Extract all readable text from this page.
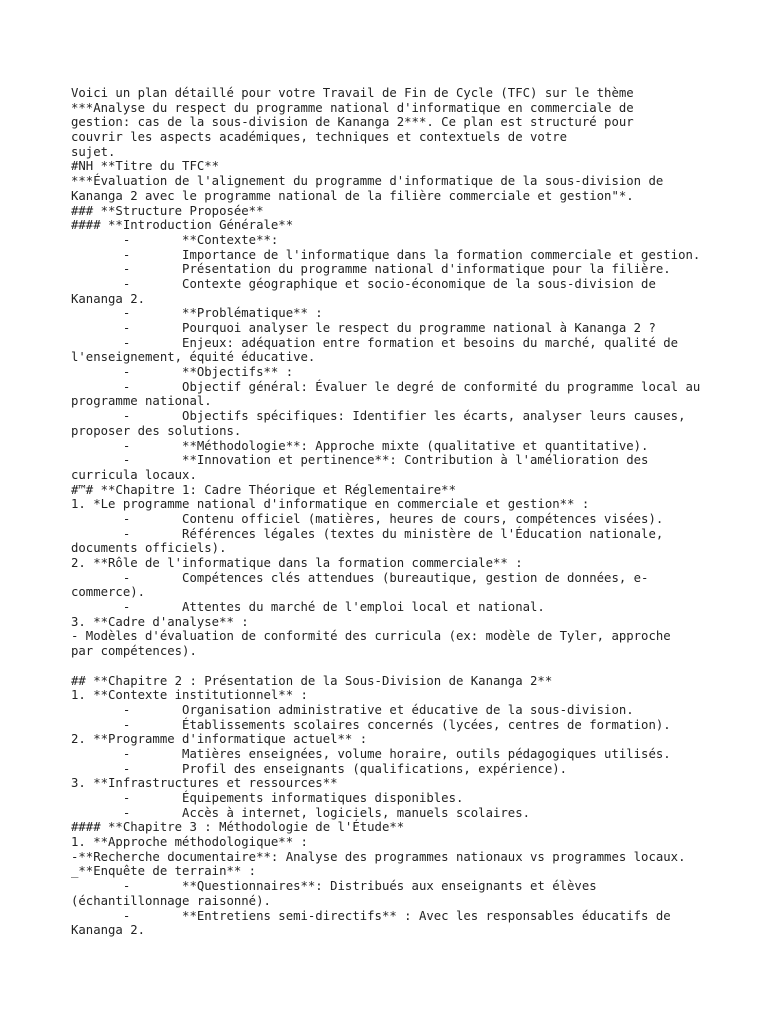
Voici un plan détaillé pour votre Travail de Fin de Cycle (TFC) sur le thème
***Analyse du respect du programme national d'informatique en commerciale de
gestion: cas de la sous-division de Kananga 2***. Ce plan est structuré pour
couvrir les aspects académiques, techniques et contextuels de votre
sujet.
#NH **Titre du TFC**
***Évaluation de l'alignement du programme d'informatique de la sous-division de
Kananga 2 avec le programme national de la filière commerciale et gestion"*.
### **Structure Proposée**
#### **Introduction Générale**
-       **Contexte**:
-       Importance de l'informatique dans la formation commerciale et gestion.
-       Présentation du programme national d'informatique pour la filière.
-       Contexte géographique et socio-économique de la sous-division de
Kananga 2.
-       **Problématique** :
-       Pourquoi analyser le respect du programme national à Kananga 2 ?
-       Enjeux: adéquation entre formation et besoins du marché, qualité de
l'enseignement, équité éducative.
-       **Objectifs** :
-       Objectif général: Évaluer le degré de conformité du programme local au
programme national.
-       Objectifs spécifiques: Identifier les écarts, analyser leurs causes,
proposer des solutions.
-       **Méthodologie**: Approche mixte (qualitative et quantitative).
-       **Innovation et pertinence**: Contribution à l'amélioration des
curricula locaux.
#™# **Chapitre 1: Cadre Théorique et Réglementaire**
1. *Le programme national d'informatique en commerciale et gestion** :
-       Contenu officiel (matières, heures de cours, compétences visées).
-       Références légales (textes du ministère de l'Éducation nationale,
documents officiels).
2. **Rôle de l'informatique dans la formation commerciale** :
-       Compétences clés attendues (bureautique, gestion de données, e-
commerce).
-       Attentes du marché de l'emploi local et national.
3. **Cadre d'analyse** :
- Modèles d'évaluation de conformité des curricula (ex: modèle de Tyler, approche
par compétences).
## **Chapitre 2 : Présentation de la Sous-Division de Kananga 2**
1. **Contexte institutionnel** :
-       Organisation administrative et éducative de la sous-division.
-       Établissements scolaires concernés (lycées, centres de formation).
2. **Programme d'informatique actuel** :
-       Matières enseignées, volume horaire, outils pédagogiques utilisés.
-       Profil des enseignants (qualifications, expérience).
3. **Infrastructures et ressources**
-       Équipements informatiques disponibles.
-       Accès à internet, logiciels, manuels scolaires.
#### **Chapitre 3 : Méthodologie de l'Étude**
1. **Approche méthodologique** :
-**Recherche documentaire**: Analyse des programmes nationaux vs programmes locaux.
_**Enquête de terrain** :
-       **Questionnaires**: Distribués aux enseignants et élèves
(échantillonnage raisonné).
-       **Entretiens semi-directifs** : Avec les responsables éducatifs de
Kananga 2.
